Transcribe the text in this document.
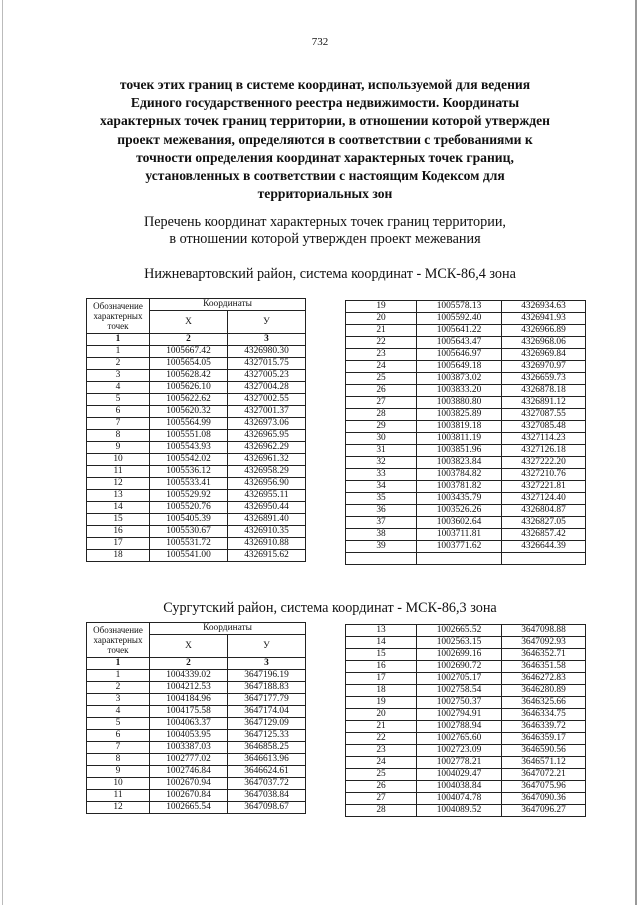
732
точек этих границ в системе координат, используемой для ведения Единого государственного реестра недвижимости. Координаты характерных точек границ территории, в отношении которой утвержден проект межевания, определяются в соответствии с требованиями к точности определения координат характерных точек границ, установленных в соответствии с настоящим Кодексом для территориальных зон
Перечень координат характерных точек границ территории,
в отношении которой утвержден проект межевания
Нижневартовский район, система координат - МСК-86,4 зона
Обозначение характерных точек	Координаты	
	X	У
1	2	3
1	1005667.42	4326980.30
2	1005654.05	4327015.75
3	1005628.42	4327005.23
4	1005626.10	4327004.28
5	1005622.62	4327002.55
6	1005620.32	4327001.37
7	1005564.99	4326973.06
8	1005551.08	4326965.95
9	1005543.93	4326962.29
10	1005542.02	4326961.32
11	1005536.12	4326958.29
12	1005533.41	4326956.90
13	1005529.92	4326955.11
14	1005520.76	4326950.44
15	1005405.39	4326891.40
16	1005530.67	4326910.35
17	1005531.72	4326910.88
18	1005541.00	4326915.62
19	1005578.13	4326934.63
20	1005592.40	4326941.93
21	1005641.22	4326966.89
22	1005643.47	4326968.06
23	1005646.97	4326969.84
24	1005649.18	4326970.97
25	1003873.02	4326659.73
26	1003833.20	4326878.18
27	1003880.80	4326891.12
28	1003825.89	4327087.55
29	1003819.18	4327085.48
30	1003811.19	4327114.23
31	1003851.96	4327126.18
32	1003823.84	4327222.20
33	1003784.82	4327210.76
34	1003781.82	4327221.81
35	1003435.79	4327124.40
36	1003526.26	4326804.87
37	1003602.64	4326827.05
38	1003711.81	4326857.42
39	1003771.62	4326644.39

Сургутский район, система координат - МСК-86,3 зона
Обозначение характерных точек	Координаты	
	X	У
1	2	3
1	1004339.02	3647196.19
2	1004212.53	3647188.83
3	1004184.96	3647177.79
4	1004175.58	3647174.04
5	1004063.37	3647129.09
6	1004053.95	3647125.33
7	1003387.03	3646858.25
8	1002777.02	3646613.96
9	1002746.84	3646624.61
10	1002670.94	3647037.72
11	1002670.84	3647038.84
12	1002665.54	3647098.67
13	1002665.52	3647098.88
14	1002563.15	3647092.93
15	1002699.16	3646352.71
16	1002690.72	3646351.58
17	1002705.17	3646272.83
18	1002758.54	3646280.89
19	1002750.37	3646325.66
20	1002794.91	3646334.75
21	1002788.94	3646339.72
22	1002765.60	3646359.17
23	1002723.09	3646590.56
24	1002778.21	3646571.12
25	1004029.47	3647072.21
26	1004038.84	3647075.96
27	1004074.78	3647090.36
28	1004089.52	3647096.27
